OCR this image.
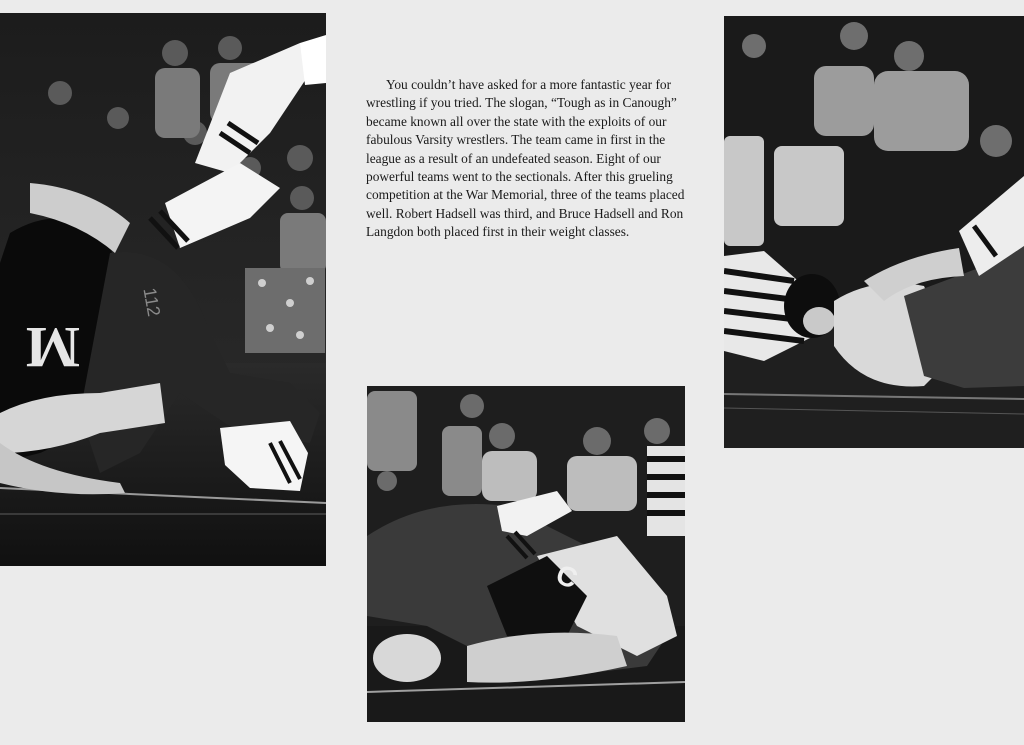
112
M

You couldn’t have asked for a more fantastic year for wrestling if you tried. The slogan, “Tough as in Canough” became known all over the state with the exploits of our fabulous Varsity wrestlers. The team came in first in the league as a result of an undefeated season. Eight of our powerful teams went to the sectionals. After this grueling competition at the War Memorial, three of the teams placed well. Robert Hadsell was third, and Bruce Hadsell and Ron Langdon both placed first in their weight classes.

C
